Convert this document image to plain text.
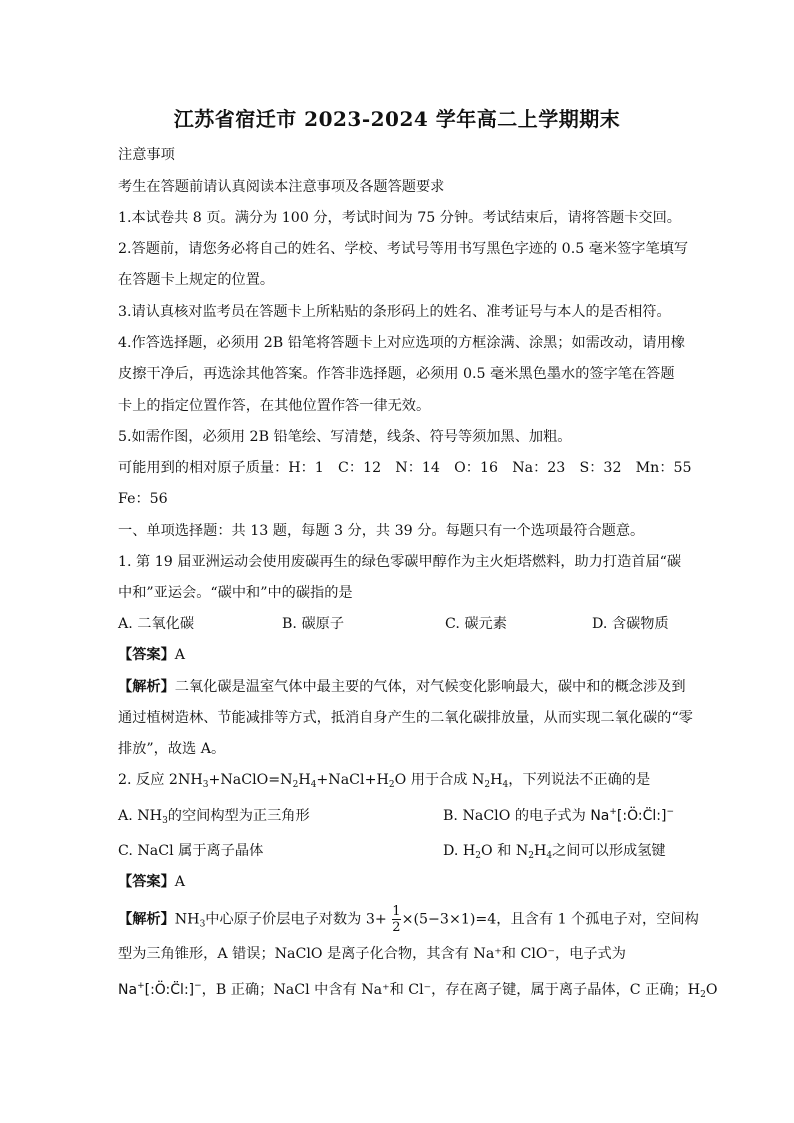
江苏省宿迁市 2023-2024 学年高二上学期期末
注意事项
考生在答题前请认真阅读本注意事项及各题答题要求
1.本试卷共 8 页。满分为 100 分，考试时间为 75 分钟。考试结束后，请将答题卡交回。
2.答题前，请您务必将自己的姓名、学校、考试号等用书写黑色字迹的 0.5 毫米签字笔填写
在答题卡上规定的位置。
3.请认真核对监考员在答题卡上所粘贴的条形码上的姓名、准考证号与本人的是否相符。
4.作答选择题，必须用 2B 铅笔将答题卡上对应选项的方框涂满、涂黑；如需改动，请用橡
皮擦干净后，再选涂其他答案。作答非选择题，必须用 0.5 毫米黑色墨水的签字笔在答题
卡上的指定位置作答，在其他位置作答一律无效。
5.如需作图，必须用 2B 铅笔绘、写清楚，线条、符号等须加黑、加粗。
可能用到的相对原子质量：H：1　C：12　N：14　O：16　Na：23　S：32　Mn：55
Fe：56
一、单项选择题：共 13 题，每题 3 分，共 39 分。每题只有一个选项最符合题意。
1. 第 19 届亚洲运动会使用废碳再生的绿色零碳甲醇作为主火炬塔燃料，助力打造首届“碳
中和”亚运会。“碳中和”中的碳指的是
A. 二氧化碳	B. 碳原子	C. 碳元素	D. 含碳物质
【答案】A
【解析】二氧化碳是温室气体中最主要的气体，对气候变化影响最大，碳中和的概念涉及到
通过植树造林、节能减排等方式，抵消自身产生的二氧化碳排放量，从而实现二氧化碳的“零
排放”，故选 A。
2. 反应 $2NH_3+NaClO=N_2H_4+NaCl+H_2O$ 用于合成 $N_2H_4$，下列说法不正确的是
A. $NH_3$的空间构型为正三角形	B. NaClO 的电子式为 Na+[:Ö:C̈l:]−
C. NaCl 属于离子晶体	D. $H_2O$ 和 $N_2H_4$之间可以形成氢键
【答案】A
【解析】$NH_3$中心原子价层电子对数为 $3+ \frac{1}{2} \times(5-3\times 1)=4$，且含有 1 个孤电子对，空间构
型为三角锥形，A 错误；NaClO 是离子化合物，其含有 Na⁺和 ClO⁻，电子式为
Na+[:Ö:C̈l:]−，B 正确；NaCl 中含有 Na⁺和 Cl⁻，存在离子键，属于离子晶体，C 正确；$H_2O$
